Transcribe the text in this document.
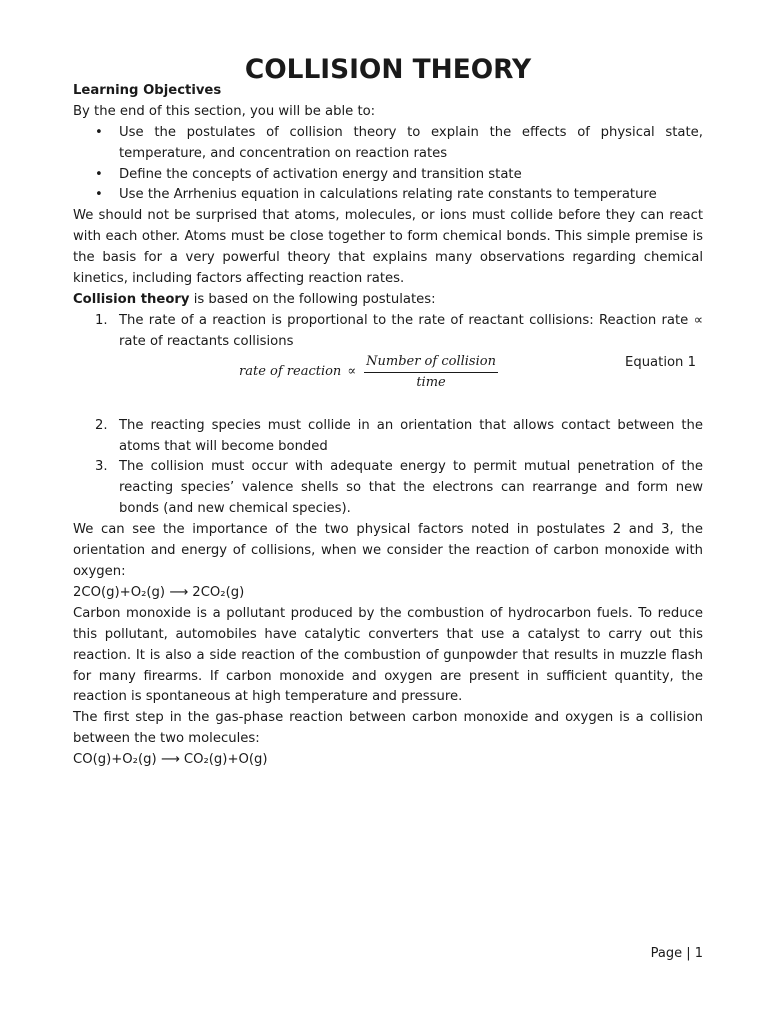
COLLISION THEORY
Learning Objectives

By the end of this section, you will be able to:

• Use the postulates of collision theory to explain the effects of physical state, temperature, and concentration on reaction rates
• Define the concepts of activation energy and transition state
• Use the Arrhenius equation in calculations relating rate constants to temperature

We should not be surprised that atoms, molecules, or ions must collide before they can react with each other. Atoms must be close together to form chemical bonds. This simple premise is the basis for a very powerful theory that explains many observations regarding chemical kinetics, including factors affecting reaction rates.

Collision theory is based on the following postulates:

1. The rate of a reaction is proportional to the rate of reactant collisions: Reaction rate ∝ rate of reactants collisions
rate of reaction ∝ $\frac{\text{Number of collision}}{\text{time}}$	Equation 1
2. The reacting species must collide in an orientation that allows contact between the atoms that will become bonded
3. The collision must occur with adequate energy to permit mutual penetration of the reacting species’ valence shells so that the electrons can rearrange and form new bonds (and new chemical species).

We can see the importance of the two physical factors noted in postulates 2 and 3, the orientation and energy of collisions, when we consider the reaction of carbon monoxide with oxygen:

2CO(g)+O₂(g) ⟶ 2CO₂(g)

Carbon monoxide is a pollutant produced by the combustion of hydrocarbon fuels. To reduce this pollutant, automobiles have catalytic converters that use a catalyst to carry out this reaction. It is also a side reaction of the combustion of gunpowder that results in muzzle flash for many firearms. If carbon monoxide and oxygen are present in sufficient quantity, the reaction is spontaneous at high temperature and pressure.

The first step in the gas-phase reaction between carbon monoxide and oxygen is a collision between the two molecules:

CO(g)+O₂(g) ⟶ CO₂(g)+O(g)

Page | 1
